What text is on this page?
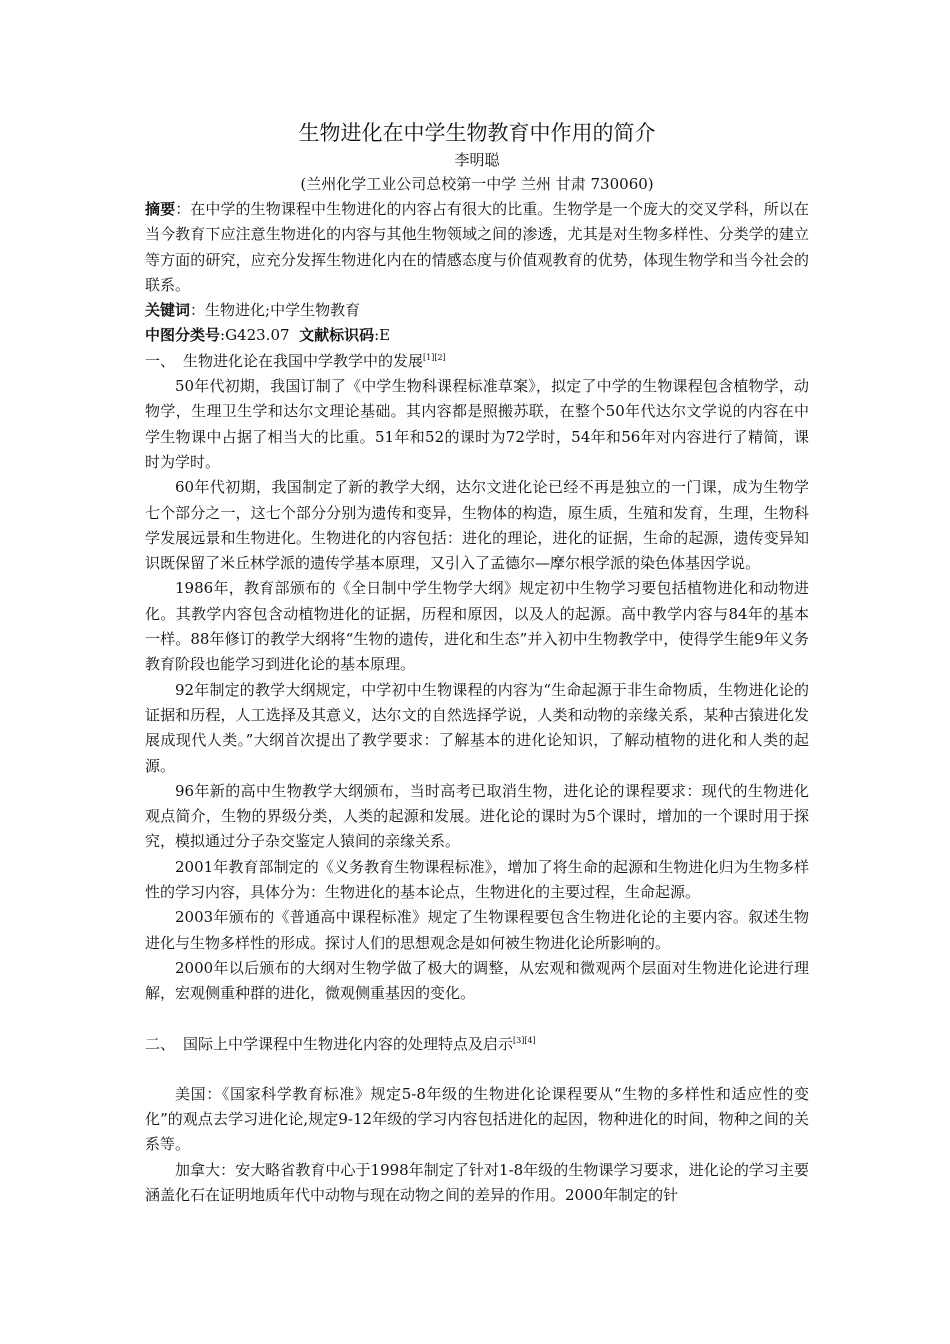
生物进化在中学生物教育中作用的简介
李明聪
(兰州化学工业公司总校第一中学 兰州 甘肃 730060)

摘要：在中学的生物课程中生物进化的内容占有很大的比重。生物学是一个庞大的交叉学科，所以在当今教育下应注意生物进化的内容与其他生物领域之间的渗透，尤其是对生物多样性、分类学的建立等方面的研究，应充分发挥生物进化内在的情感态度与价值观教育的优势，体现生物学和当今社会的联系。

关键词：生物进化;中学生物教育

中图分类号:G423.07 文献标识码:E

一、 生物进化论在我国中学教学中的发展[1][2]

50年代初期，我国订制了《中学生物科课程标准草案》，拟定了中学的生物课程包含植物学，动物学，生理卫生学和达尔文理论基础。其内容都是照搬苏联，在整个50年代达尔文学说的内容在中学生物课中占据了相当大的比重。51年和52的课时为72学时，54年和56年对内容进行了精简，课时为学时。

60年代初期，我国制定了新的教学大纲，达尔文进化论已经不再是独立的一门课，成为生物学七个部分之一，这七个部分分别为遗传和变异，生物体的构造，原生质，生殖和发育，生理，生物科学发展远景和生物进化。生物进化的内容包括：进化的理论，进化的证据，生命的起源，遗传变异知识既保留了米丘林学派的遗传学基本原理，又引入了孟德尔—摩尔根学派的染色体基因学说。

1986年，教育部颁布的《全日制中学生物学大纲》规定初中生物学习要包括植物进化和动物进化。其教学内容包含动植物进化的证据，历程和原因，以及人的起源。高中教学内容与84年的基本一样。88年修订的教学大纲将“生物的遗传，进化和生态”并入初中生物教学中，使得学生能9年义务教育阶段也能学习到进化论的基本原理。

92年制定的教学大纲规定，中学初中生物课程的内容为“生命起源于非生命物质，生物进化论的证据和历程，人工选择及其意义，达尔文的自然选择学说，人类和动物的亲缘关系，某种古猿进化发展成现代人类。”大纲首次提出了教学要求：了解基本的进化论知识，了解动植物的进化和人类的起源。

96年新的高中生物教学大纲颁布，当时高考已取消生物，进化论的课程要求：现代的生物进化观点简介，生物的界级分类，人类的起源和发展。进化论的课时为5个课时，增加的一个课时用于探究，模拟通过分子杂交鉴定人猿间的亲缘关系。

2001年教育部制定的《义务教育生物课程标准》，增加了将生命的起源和生物进化归为生物多样性的学习内容，具体分为：生物进化的基本论点，生物进化的主要过程，生命起源。

2003年颁布的《普通高中课程标准》规定了生物课程要包含生物进化论的主要内容。叙述生物进化与生物多样性的形成。探讨人们的思想观念是如何被生物进化论所影响的。

2000年以后颁布的大纲对生物学做了极大的调整，从宏观和微观两个层面对生物进化论进行理解，宏观侧重种群的进化，微观侧重基因的变化。

二、 国际上中学课程中生物进化内容的处理特点及启示[3][4]

美国：《国家科学教育标准》规定5-8年级的生物进化论课程要从“生物的多样性和适应性的变化”的观点去学习进化论,规定9-12年级的学习内容包括进化的起因，物种进化的时间，物种之间的关系等。

加拿大：安大略省教育中心于1998年制定了针对1-8年级的生物课学习要求，进化论的学习主要涵盖化石在证明地质年代中动物与现在动物之间的差异的作用。2000年制定的针
